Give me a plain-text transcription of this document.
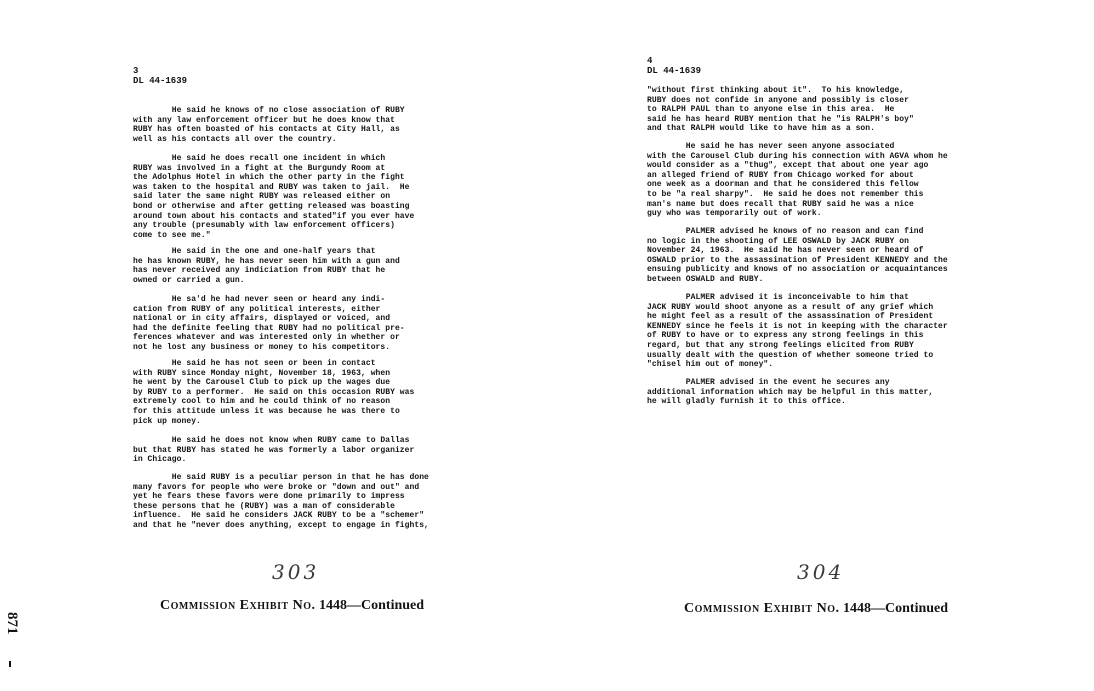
3
DL 44-1639

He said he knows of no close association of RUBY
with any law enforcement officer but he does know that
RUBY has often boasted of his contacts at City Hall, as
well as his contacts all over the country.

He said he does recall one incident in which
RUBY was involved in a fight at the Burgundy Room at
the Adolphus Hotel in which the other party in the fight
was taken to the hospital and RUBY was taken to jail.  He
said later the same night RUBY was released either on
bond or otherwise and after getting released was boasting
around town about his contacts and stated"if you ever have
any trouble (presumably with law enforcement officers)
come to see me."

He said in the one and one-half years that
he has known RUBY, he has never seen him with a gun and
has never received any indiciation from RUBY that he
owned or carried a gun.

He sa'd he had never seen or heard any indi-
cation from RUBY of any political interests, either
national or in city affairs, displayed or voiced, and
had the definite feeling that RUBY had no political pre-
ferences whatever and was interested only in whether or
not he lost any business or money to his competitors.

He said he has not seen or been in contact
with RUBY since Monday night, November 18, 1963, when
he went by the Carousel Club to pick up the wages due
by RUBY to a performer.  He said on this occasion RUBY was
extremely cool to him and he could think of no reason
for this attitude unless it was because he was there to
pick up money.

He said he does not know when RUBY came to Dallas
but that RUBY has stated he was formerly a labor organizer
in Chicago.

He said RUBY is a peculiar person in that he has done
many favors for people who were broke or "down and out" and
yet he fears these favors were done primarily to impress
these persons that he (RUBY) was a man of considerable
influence.  He said he considers JACK RUBY to be a "schemer"
and that he "never does anything, except to engage in fights,

303
Commission Exhibit No. 1448—Continued
4
DL 44-1639

"without first thinking about it".  To his knowledge,
RUBY does not confide in anyone and possibly is closer
to RALPH PAUL than to anyone else in this area.  He
said he has heard RUBY mention that he "is RALPH's boy"
and that RALPH would like to have him as a son.

He said he has never seen anyone associated
with the Carousel Club during his connection with AGVA whom he
would consider as a "thug", except that about one year ago
an alleged friend of RUBY from Chicago worked for about
one week as a doorman and that he considered this fellow
to be "a real sharpy".  He said he does not remember this
man's name but does recall that RUBY said he was a nice
guy who was temporarily out of work.

PALMER advised he knows of no reason and can find
no logic in the shooting of LEE OSWALD by JACK RUBY on
November 24, 1963.  He said he has never seen or heard of
OSWALD prior to the assassination of President KENNEDY and the
ensuing publicity and knows of no association or acquaintances
between OSWALD and RUBY.

PALMER advised it is inconceivable to him that
JACK RUBY would shoot anyone as a result of any grief which
he might feel as a result of the assassination of President
KENNEDY since he feels it is not in keeping with the character
of RUBY to have or to express any strong feelings in this
regard, but that any strong feelings elicited from RUBY
usually dealt with the question of whether someone tried to
"chisel him out of money".

PALMER advised in the event he secures any
additional information which may be helpful in this matter,
he will gladly furnish it to this office.

304
Commission Exhibit No. 1448—Continued
871
